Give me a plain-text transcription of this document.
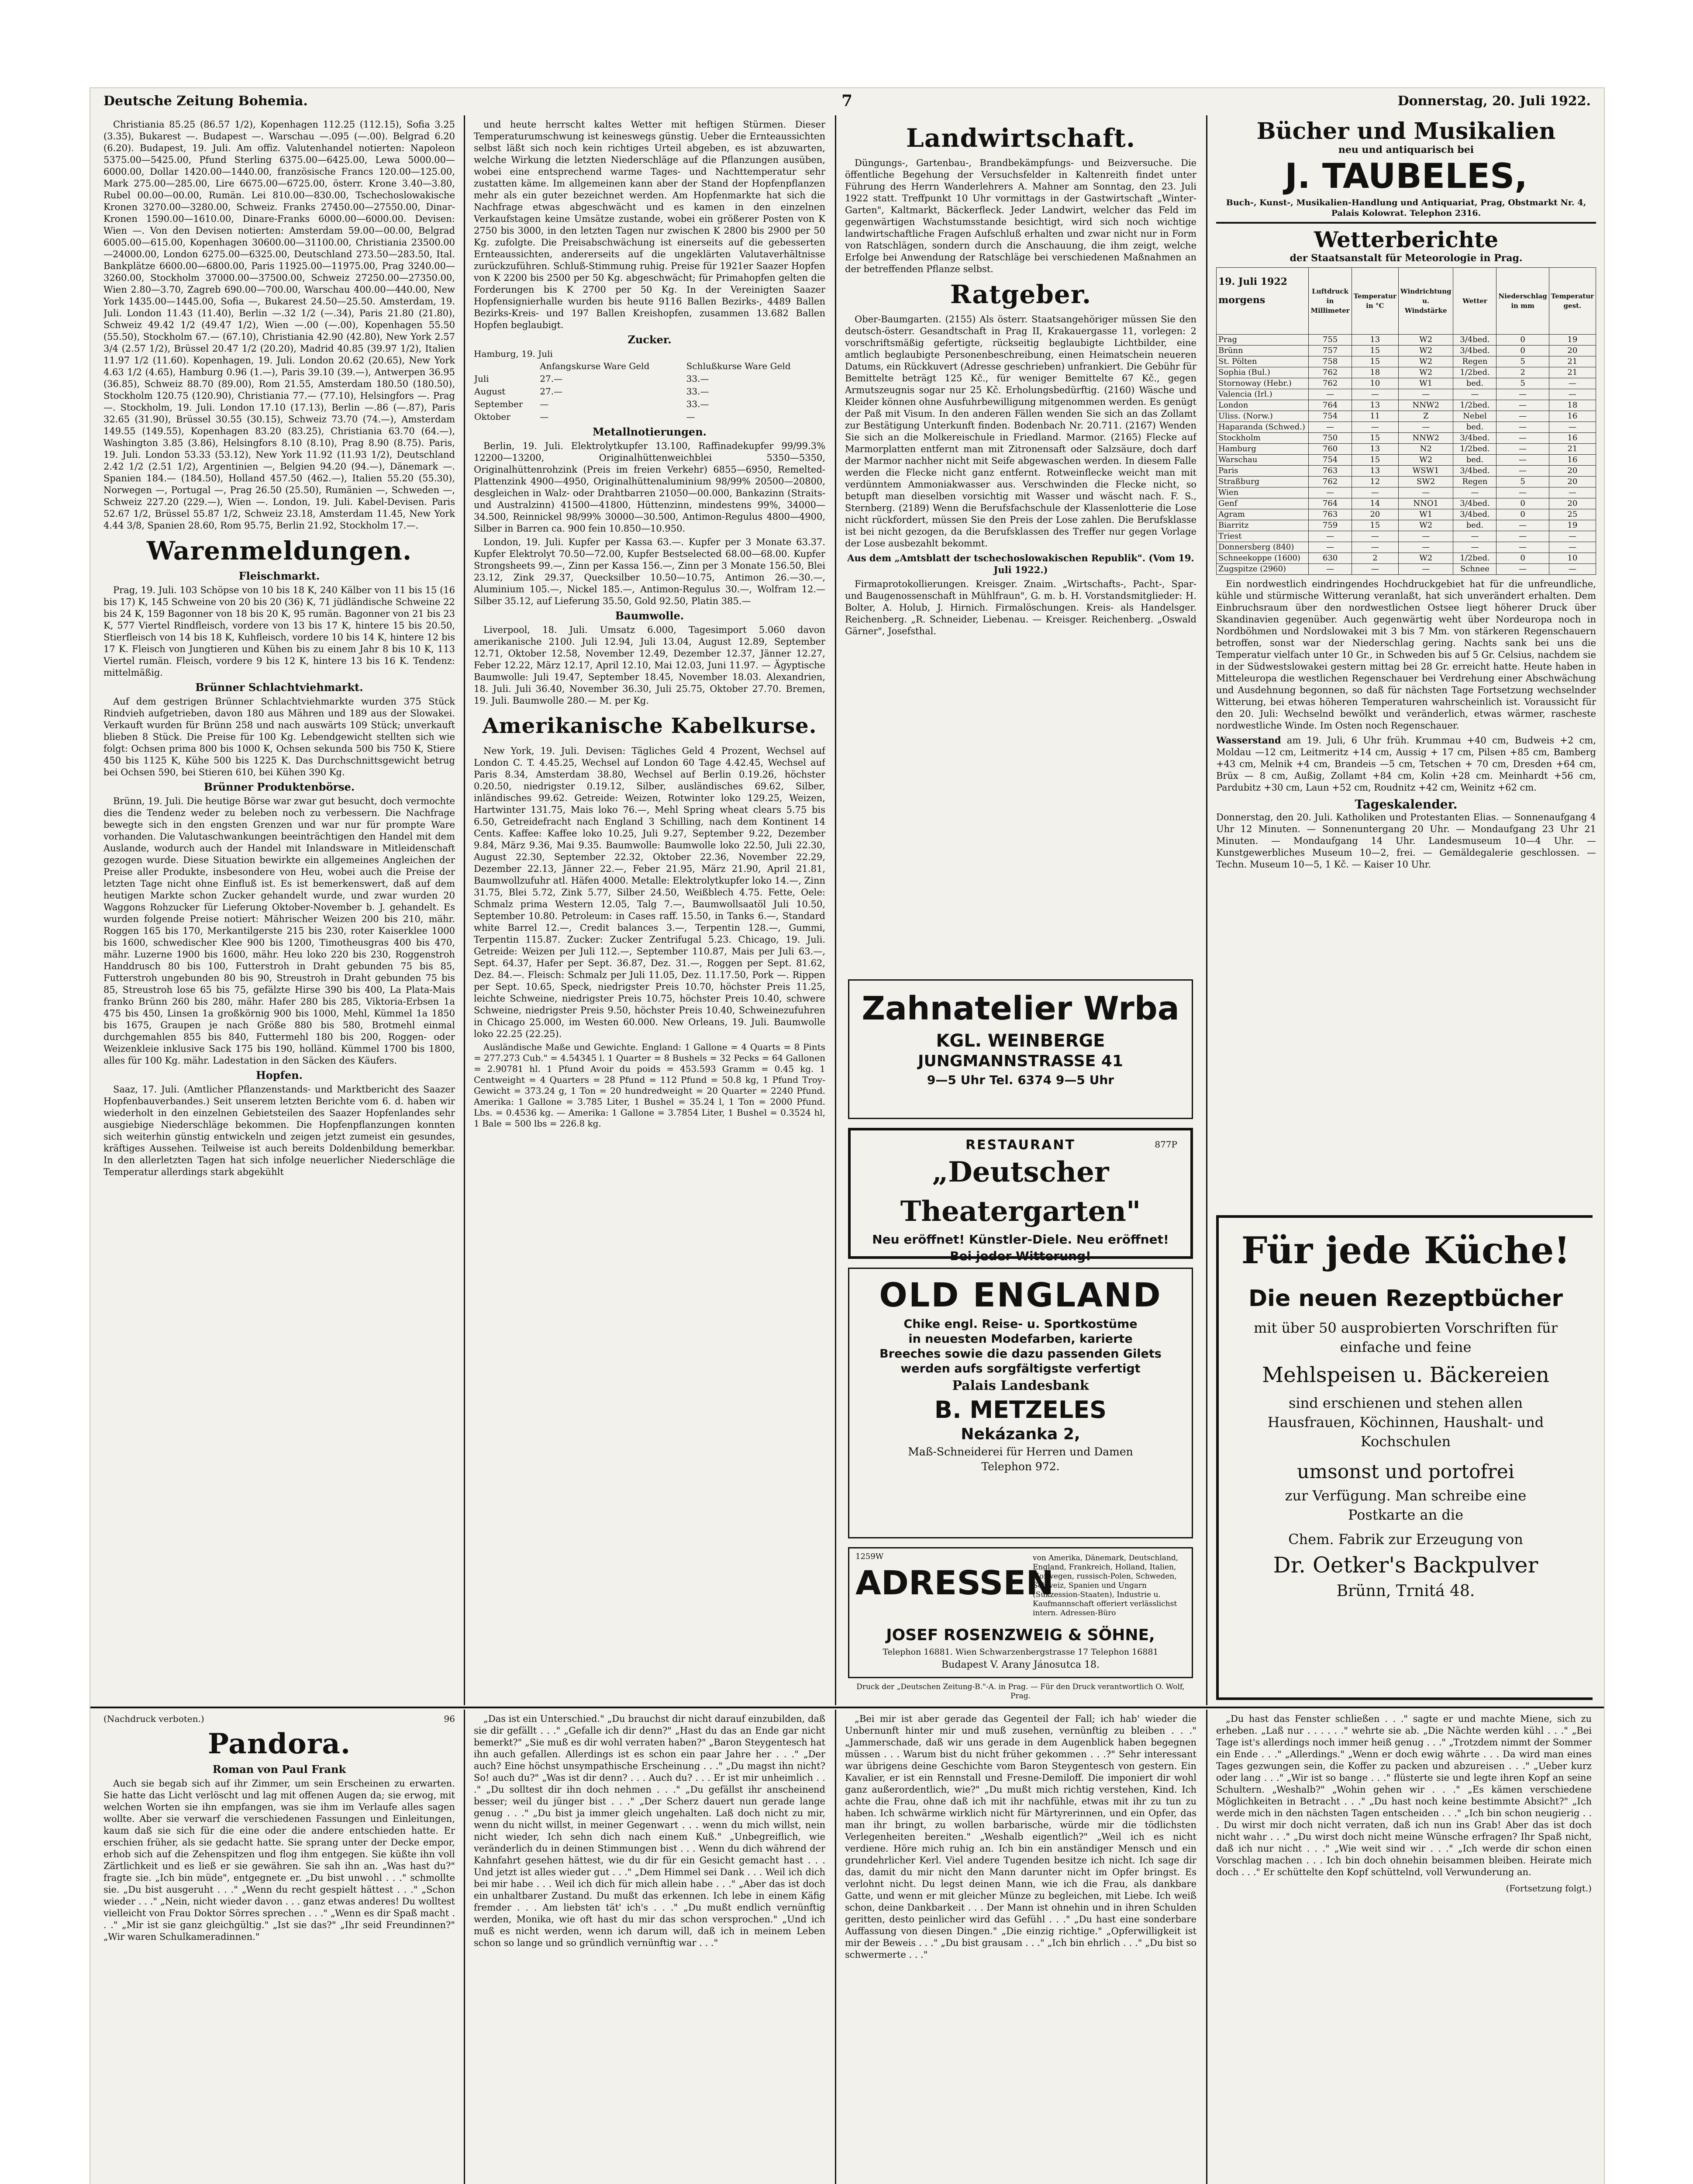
Deutsche Zeitung Bohemia.	7	Donnerstag, 20. Juli 1922.

Christiania 85.25 (86.57 1/2), Kopenhagen 112.25 (112.15), Sofia 3.25 (3.35), Bukarest —. Budapest —. Warschau —.095 (—.00). Belgrad 6.20 (6.20). Budapest, 19. Juli. Am offiz. Valutenhandel notierten: Napoleon 5375.00—5425.00, Pfund Sterling 6375.00—6425.00, Lewa 5000.00—6000.00, Dollar 1420.00—1440.00, französische Francs 120.00—125.00, Mark 275.00—285.00, Lire 6675.00—6725.00, österr. Krone 3.40—3.80, Rubel 00.00—00.00, Rumän. Lei 810.00—830.00, Tschechoslowakische Kronen 3270.00—3280.00, Schweiz. Franks 27450.00—27550.00, Dinar-Kronen 1590.00—1610.00, Dinare-Franks 6000.00—6000.00. Devisen: Wien —. Von den Devisen notierten: Amsterdam 59.00—00.00, Belgrad 6005.00—615.00, Kopenhagen 30600.00—31100.00, Christiania 23500.00—24000.00, London 6275.00—6325.00, Deutschland 273.50—283.50, Ital. Bankplätze 6600.00—6800.00, Paris 11925.00—11975.00, Prag 3240.00—3260.00, Stockholm 37000.00—37500.00, Schweiz 27250.00—27350.00, Wien 2.80—3.70, Zagreb 690.00—700.00, Warschau 400.00—440.00, New York 1435.00—1445.00, Sofia —, Bukarest 24.50—25.50. Amsterdam, 19. Juli. London 11.43 (11.40), Berlin —.32 1/2 (—.34), Paris 21.80 (21.80), Schweiz 49.42 1/2 (49.47 1/2), Wien —.00 (—.00), Kopenhagen 55.50 (55.50), Stockholm 67.— (67.10), Christiania 42.90 (42.80), New York 2.57 3/4 (2.57 1/2), Brüssel 20.47 1/2 (20.20), Madrid 40.85 (39.97 1/2), Italien 11.97 1/2 (11.60). Kopenhagen, 19. Juli. London 20.62 (20.65), New York 4.63 1/2 (4.65), Hamburg 0.96 (1.—), Paris 39.10 (39.—), Antwerpen 36.95 (36.85), Schweiz 88.70 (89.00), Rom 21.55, Amsterdam 180.50 (180.50), Stockholm 120.75 (120.90), Christiania 77.— (77.10), Helsingfors —. Prag —. Stockholm, 19. Juli. London 17.10 (17.13), Berlin —.86 (—.87), Paris 32.65 (31.90), Brüssel 30.55 (30.15), Schweiz 73.70 (74.—), Amsterdam 149.55 (149.55), Kopenhagen 83.20 (83.25), Christiania 63.70 (64.—), Washington 3.85 (3.86), Helsingfors 8.10 (8.10), Prag 8.90 (8.75). Paris, 19. Juli. London 53.33 (53.12), New York 11.92 (11.93 1/2), Deutschland 2.42 1/2 (2.51 1/2), Argentinien —, Belgien 94.20 (94.—), Dänemark —. Spanien 184.— (184.50), Holland 457.50 (462.—), Italien 55.20 (55.30), Norwegen —, Portugal —, Prag 26.50 (25.50), Rumänien —, Schweden —, Schweiz 227.20 (229.—), Wien —. London, 19. Juli. Kabel-Devisen. Paris 52.67 1/2, Brüssel 55.87 1/2, Schweiz 23.18, Amsterdam 11.45, New York 4.44 3/8, Spanien 28.60, Rom 95.75, Berlin 21.92, Stockholm 17.—.

Warenmeldungen.
Fleischmarkt.

Prag, 19. Juli. 103 Schöpse von 10 bis 18 K, 240 Kälber von 11 bis 15 (16 bis 17) K, 145 Schweine von 20 bis 20 (36) K, 71 jüdländische Schweine 22 bis 24 K, 159 Bagonner von 18 bis 20 K, 95 rumän. Bagonner von 21 bis 23 K, 577 Viertel Rindfleisch, vordere von 13 bis 17 K, hintere 15 bis 20.50, Stierfleisch von 14 bis 18 K, Kuhfleisch, vordere 10 bis 14 K, hintere 12 bis 17 K. Fleisch von Jungtieren und Kühen bis zu einem Jahr 8 bis 10 K, 113 Viertel rumän. Fleisch, vordere 9 bis 12 K, hintere 13 bis 16 K. Tendenz: mittelmäßig.

Brünner Schlachtviehmarkt.

Auf dem gestrigen Brünner Schlachtviehmarkte wurden 375 Stück Rindvieh aufgetrieben, davon 180 aus Mähren und 189 aus der Slowakei. Verkauft wurden für Brünn 258 und nach auswärts 109 Stück; unverkauft blieben 8 Stück. Die Preise für 100 Kg. Lebendgewicht stellten sich wie folgt: Ochsen prima 800 bis 1000 K, Ochsen sekunda 500 bis 750 K, Stiere 450 bis 1125 K, Kühe 500 bis 1225 K. Das Durchschnittsgewicht betrug bei Ochsen 590, bei Stieren 610, bei Kühen 390 Kg.

Brünner Produktenbörse.

Brünn, 19. Juli. Die heutige Börse war zwar gut besucht, doch vermochte dies die Tendenz weder zu beleben noch zu verbessern. Die Nachfrage bewegte sich in den engsten Grenzen und war nur für prompte Ware vorhanden. Die Valutaschwankungen beeinträchtigen den Handel mit dem Auslande, wodurch auch der Handel mit Inlandsware in Mitleidenschaft gezogen wurde. Diese Situation bewirkte ein allgemeines Angleichen der Preise aller Produkte, insbesondere von Heu, wobei auch die Preise der letzten Tage nicht ohne Einfluß ist. Es ist bemerkenswert, daß auf dem heutigen Markte schon Zucker gehandelt wurde, und zwar wurden 20 Waggons Rohzucker für Lieferung Oktober-November b. J. gehandelt. Es wurden folgende Preise notiert: Mährischer Weizen 200 bis 210, mähr. Roggen 165 bis 170, Merkantilgerste 215 bis 230, roter Kaiserklee 1000 bis 1600, schwedischer Klee 900 bis 1200, Timotheusgras 400 bis 470, mähr. Luzerne 1900 bis 1600, mähr. Heu loko 220 bis 230, Roggenstroh Handdrusch 80 bis 100, Futterstroh in Draht gebunden 75 bis 85, Futterstroh ungebunden 80 bis 90, Streustroh in Draht gebunden 75 bis 85, Streustroh lose 65 bis 75, gefälzte Hirse 390 bis 400, La Plata-Mais franko Brünn 260 bis 280, mähr. Hafer 280 bis 285, Viktoria-Erbsen 1a 475 bis 450, Linsen 1a großkörnig 900 bis 1000, Mehl, Kümmel 1a 1850 bis 1675, Graupen je nach Größe 880 bis 580, Brotmehl einmal durchgemahlen 855 bis 840, Futtermehl 180 bis 200, Roggen- oder Weizenkleie inklusive Sack 175 bis 190, holländ. Kümmel 1700 bis 1800, alles für 100 Kg. mähr. Ladestation in den Säcken des Käufers.

Hopfen.

Saaz, 17. Juli. (Amtlicher Pflanzenstands- und Marktbericht des Saazer Hopfenbauverbandes.) Seit unserem letzten Berichte vom 6. d. haben wir wiederholt in den einzelnen Gebietsteilen des Saazer Hopfenlandes sehr ausgiebige Niederschläge bekommen. Die Hopfenpflanzungen konnten sich weiterhin günstig entwickeln und zeigen jetzt zumeist ein gesundes, kräftiges Aussehen. Teilweise ist auch bereits Doldenbildung bemerkbar. In den allerletzten Tagen hat sich infolge neuerlicher Niederschläge die Temperatur allerdings stark abgekühlt

und heute herrscht kaltes Wetter mit heftigen Stürmen. Dieser Temperaturumschwung ist keineswegs günstig. Ueber die Ernteaussichten selbst läßt sich noch kein richtiges Urteil abgeben, es ist abzuwarten, welche Wirkung die letzten Niederschläge auf die Pflanzungen ausüben, wobei eine entsprechend warme Tages- und Nachttemperatur sehr zustatten käme. Im allgemeinen kann aber der Stand der Hopfenpflanzen mehr als ein guter bezeichnet werden. Am Hopfenmarkte hat sich die Nachfrage etwas abgeschwächt und es kamen in den einzelnen Verkaufstagen keine Umsätze zustande, wobei ein größerer Posten von K 2750 bis 3000, in den letzten Tagen nur zwischen K 2800 bis 2900 per 50 Kg. zufolgte. Die Preisabschwächung ist einerseits auf die gebesserten Ernteaussichten, andererseits auf die ungeklärten Valutaverhältnisse zurückzuführen. Schluß-Stimmung ruhig. Preise für 1921er Saazer Hopfen von K 2200 bis 2500 per 50 Kg. abgeschwächt; für Primahopfen gelten die Forderungen bis K 2700 per 50 Kg. In der Vereinigten Saazer Hopfensignierhalle wurden bis heute 9116 Ballen Bezirks-, 4489 Ballen Bezirks-Kreis- und 197 Ballen Kreishopfen, zusammen 13.682 Ballen Hopfen beglaubigt.

Zucker.
Hamburg, 19. Juli
	Anfangskurse Ware Geld	Schlußkurse Ware Geld
Juli	27.—	33.—
August	27.—	33.—
September	—	33.—
Oktober	—	—
Metallnotierungen.

Berlin, 19. Juli. Elektrolytkupfer 13.100, Raffinadekupfer 99/99.3% 12200—13200, Originalhüttenweichblei 5350—5350, Originalhüttenrohzink (Preis im freien Verkehr) 6855—6950, Remelted-Plattenzink 4900—4950, Originalhüttenaluminium 98/99% 20500—20800, desgleichen in Walz- oder Drahtbarren 21050—00.000, Bankazinn (Straits- und Australzinn) 41500—41800, Hüttenzinn, mindestens 99%, 34000—34.500, Reinnickel 98/99% 30000—30.500, Antimon-Regulus 4800—4900, Silber in Barren ca. 900 fein 10.850—10.950.

London, 19. Juli. Kupfer per Kassa 63.—. Kupfer per 3 Monate 63.37. Kupfer Elektrolyt 70.50—72.00, Kupfer Bestselected 68.00—68.00. Kupfer Strongsheets 99.—, Zinn per Kassa 156.—, Zinn per 3 Monate 156.50, Blei 23.12, Zink 29.37, Quecksilber 10.50—10.75, Antimon 26.—30.—, Aluminium 105.—, Nickel 185.—, Antimon-Regulus 30.—, Wolfram 12.— Silber 35.12, auf Lieferung 35.50, Gold 92.50, Platin 385.—

Baumwolle.

Liverpool, 18. Juli. Umsatz 6.000, Tagesimport 5.060 davon amerikanische 2100. Juli 12.94, Juli 13.04, August 12.89, September 12.71, Oktober 12.58, November 12.49, Dezember 12.37, Jänner 12.27, Feber 12.22, März 12.17, April 12.10, Mai 12.03, Juni 11.97. — Ägyptische Baumwolle: Juli 19.47, September 18.45, November 18.03. Alexandrien, 18. Juli. Juli 36.40, November 36.30, Juli 25.75, Oktober 27.70. Bremen, 19. Juli. Baumwolle 280.— M. per Kg.

Amerikanische Kabelkurse.

New York, 19. Juli. Devisen: Tägliches Geld 4 Prozent, Wechsel auf London C. T. 4.45.25, Wechsel auf London 60 Tage 4.42.45, Wechsel auf Paris 8.34, Amsterdam 38.80, Wechsel auf Berlin 0.19.26, höchster 0.20.50, niedrigster 0.19.12, Silber, ausländisches 69.62, Silber, inländisches 99.62. Getreide: Weizen, Rotwinter loko 129.25, Weizen, Hartwinter 131.75, Mais loko 76.—, Mehl Spring wheat clears 5.75 bis 6.50, Getreidefracht nach England 3 Schilling, nach dem Kontinent 14 Cents. Kaffee: Kaffee loko 10.25, Juli 9.27, September 9.22, Dezember 9.84, März 9.36, Mai 9.35. Baumwolle: Baumwolle loko 22.50, Juli 22.30, August 22.30, September 22.32, Oktober 22.36, November 22.29, Dezember 22.13, Jänner 22.—, Feber 21.95, März 21.90, April 21.81, Baumwollzufuhr atl. Häfen 4000. Metalle: Elektrolytkupfer loko 14.—, Zinn 31.75, Blei 5.72, Zink 5.77, Silber 24.50, Weißblech 4.75. Fette, Oele: Schmalz prima Western 12.05, Talg 7.—, Baumwollsaatöl Juli 10.50, September 10.80. Petroleum: in Cases raff. 15.50, in Tanks 6.—, Standard white Barrel 12.—, Credit balances 3.—, Terpentin 128.—, Gummi, Terpentin 115.87. Zucker: Zucker Zentrifugal 5.23. Chicago, 19. Juli. Getreide: Weizen per Juli 112.—, September 110.87, Mais per Juli 63.—, Sept. 64.37, Hafer per Sept. 36.87, Dez. 31.—, Roggen per Sept. 81.62, Dez. 84.—. Fleisch: Schmalz per Juli 11.05, Dez. 11.17.50, Pork —. Rippen per Sept. 10.65, Speck, niedrigster Preis 10.70, höchster Preis 11.25, leichte Schweine, niedrigster Preis 10.75, höchster Preis 10.40, schwere Schweine, niedrigster Preis 9.50, höchster Preis 10.40, Schweinezufuhren in Chicago 25.000, im Westen 60.000. New Orleans, 19. Juli. Baumwolle loko 22.25 (22.25).

Ausländische Maße und Gewichte. England: 1 Gallone = 4 Quarts = 8 Pints = 277.273 Cub." = 4.54345 l. 1 Quarter = 8 Bushels = 32 Pecks = 64 Gallonen = 2.90781 hl. 1 Pfund Avoir du poids = 453.593 Gramm = 0.45 kg. 1 Centweight = 4 Quarters = 28 Pfund = 112 Pfund = 50.8 kg, 1 Pfund Troy-Gewicht = 373.24 g, 1 Ton = 20 hundredweight = 20 Quarter = 2240 Pfund. Amerika: 1 Gallone = 3.785 Liter, 1 Bushel = 35.24 l, 1 Ton = 2000 Pfund. Lbs. = 0.4536 kg. — Amerika: 1 Gallone = 3.7854 Liter, 1 Bushel = 0.3524 hl, 1 Bale = 500 lbs = 226.8 kg.

Landwirtschaft.

Düngungs-, Gartenbau-, Brandbekämpfungs- und Beizversuche. Die öffentliche Begehung der Versuchsfelder in Kaltenreith findet unter Führung des Herrn Wanderlehrers A. Mahner am Sonntag, den 23. Juli 1922 statt. Treffpunkt 10 Uhr vormittags in der Gastwirtschaft „Winter-Garten", Kaltmarkt, Bäckerfleck. Jeder Landwirt, welcher das Feld im gegenwärtigen Wachstumsstande besichtigt, wird sich noch wichtige landwirtschaftliche Fragen Aufschluß erhalten und zwar nicht nur in Form von Ratschlägen, sondern durch die Anschauung, die ihm zeigt, welche Erfolge bei Anwendung der Ratschläge bei verschiedenen Maßnahmen an der betreffenden Pflanze selbst.

Ratgeber.

Ober-Baumgarten. (2155) Als österr. Staatsangehöriger müssen Sie den deutsch-österr. Gesandtschaft in Prag II, Krakauergasse 11, vorlegen: 2 vorschriftsmäßig gefertigte, rückseitig beglaubigte Lichtbilder, eine amtlich beglaubigte Personenbeschreibung, einen Heimatschein neueren Datums, ein Rückkuvert (Adresse geschrieben) unfrankiert. Die Gebühr für Bemittelte beträgt 125 Kč., für weniger Bemittelte 67 Kč., gegen Armutszeugnis sogar nur 25 Kč. Erholungsbedürftig. (2160) Wäsche und Kleider können ohne Ausfuhrbewilligung mitgenommen werden. Es genügt der Paß mit Visum. In den anderen Fällen wenden Sie sich an das Zollamt zur Bestätigung Unterkunft finden. Bodenbach Nr. 20.711. (2167) Wenden Sie sich an die Molkereischule in Friedland. Marmor. (2165) Flecke auf Marmorplatten entfernt man mit Zitronensaft oder Salzsäure, doch darf der Marmor nachher nicht mit Seife abgewaschen werden. In diesem Falle werden die Flecke nicht ganz entfernt. Rotweinflecke weicht man mit verdünntem Ammoniakwasser aus. Verschwinden die Flecke nicht, so betupft man dieselben vorsichtig mit Wasser und wäscht nach. F. S., Sternberg. (2189) Wenn die Berufsfachschule der Klassenlotterie die Lose nicht rückfordert, müssen Sie den Preis der Lose zahlen. Die Berufsklasse ist bei nicht gezogen, da die Berufsklassen des Treffer nur gegen Vorlage der Lose ausbezahlt bekommt.

Aus dem „Amtsblatt der tschechoslowakischen Republik". (Vom 19. Juli 1922.)

Firmaprotokollierungen. Kreisger. Znaim. „Wirtschafts-, Pacht-, Spar- und Baugenossenschaft in Mühlfraun", G. m. b. H. Vorstandsmitglieder: H. Bolter, A. Holub, J. Hirnich. Firmalöschungen. Kreis- als Handelsger. Reichenberg. „R. Schneider, Liebenau. — Kreisger. Reichenberg. „Oswald Gärner", Josefsthal.

Zahnatelier Wrba
KGL. WEINBERGE
JUNGMANNSTRASSE 41
9—5 Uhr Tel. 6374 9—5 Uhr
RESTAURANT	877P
„Deutscher Theatergarten"
Neu eröffnet! Künstler-Diele. Neu eröffnet!
Bei jeder Witterung!
OLD ENGLAND
Chike engl. Reise- u. Sportkostüme
in neuesten Modefarben, karierte
Breeches sowie die dazu passenden Gilets werden aufs sorgfältigste verfertigt
Palais Landesbank
B. METZELES
Nekázanka 2,
Maß-Schneiderei für Herren und Damen
Telephon 972.
1259W
ADRESSEN
von Amerika, Dänemark, Deutschland, England, Frankreich, Holland, Italien, Norwegen, russisch-Polen, Schweden, Schweiz, Spanien und Ungarn (Sukzession-Staaten), Industrie u. Kaufmannschaft offeriert verlässlichst intern. Adressen-Büro
JOSEF ROSENZWEIG & SÖHNE,
Telephon 16881. Wien Schwarzenbergstrasse 17 Telephon 16881
Budapest V. Arany Jánosutca 18.
Druck der „Deutschen Zeitung-B."-A. in Prag. — Für den Druck verantwortlich O. Wolf, Prag.
Bücher und Musikalien
neu und antiquarisch bei
J. TAUBELES,
Buch-, Kunst-, Musikalien-Handlung und Antiquariat, Prag, Obstmarkt Nr. 4, Palais Kolowrat. Telephon 2316.
Wetterberichte
der Staatsanstalt für Meteorologie in Prag.
19. Juli 1922
morgens	Luftdruck in Millimeter	Temperatur in °C	Windrichtung u. Windstärke	Wetter	Niederschlag in mm	Temperatur gest.
Prag	755	13	W2	3/4bed.	0	19
Brünn	757	15	W2	3/4bed.	0	20
St. Pölten	758	15	W2	Regen	5	21
Sophia (Bul.)	762	18	W2	1/2bed.	2	21
Stornoway (Hebr.)	762	10	W1	bed.	5	—
Valencia (Irl.)	—	—	—	—	—	—
London	764	13	NNW2	1/2bed.	—	18
Uliss. (Norw.)	754	11	Z	Nebel	—	16
Haparanda (Schwed.)	—	—	—	bed.	—	—
Stockholm	750	15	NNW2	3/4bed.	—	16
Hamburg	760	13	N2	1/2bed.	—	21
Warschau	754	15	W2	bed.	—	16
Paris	763	13	WSW1	3/4bed.	—	20
Straßburg	762	12	SW2	Regen	5	20
Wien	—	—	—	—	—	—
Genf	764	14	NNO1	3/4bed.	0	20
Agram	763	20	W1	3/4bed.	0	25
Biarritz	759	15	W2	bed.	—	19
Triest	—	—	—	—	—	—
Donnersberg (840)	—	—	—	—	—	—
Schneekoppe (1600)	630	2	W2	1/2bed.	0	10
Zugspitze (2960)	—	—	—	Schnee	—	—
Ein nordwestlich eindringendes Hochdruckgebiet hat für die unfreundliche, kühle und stürmische Witterung veranlaßt, hat sich unverändert erhalten. Dem Einbruchsraum über den nordwestlichen Ostsee liegt höherer Druck über Skandinavien gegenüber. Auch gegenwärtig weht über Nordeuropa noch in Nordböhmen und Nordslowakei mit 3 bis 7 Mm. von stärkeren Regenschauern betroffen, sonst war der Niederschlag gering. Nachts sank bei uns die Temperatur vielfach unter 10 Gr., in Schweden bis auf 5 Gr. Celsius, nachdem sie in der Südwestslowakei gestern mittag bei 28 Gr. erreicht hatte. Heute haben in Mitteleuropa die westlichen Regenschauer bei Verdrehung einer Abschwächung und Ausdehnung begonnen, so daß für nächsten Tage Fortsetzung wechselnder Witterung, bei etwas höheren Temperaturen wahrscheinlich ist. Voraussicht für den 20. Juli: Wechselnd bewölkt und veränderlich, etwas wärmer, rascheste nordwestliche Winde. Im Osten noch Regenschauer.
Wasserstand am 19. Juli, 6 Uhr früh. Krummau +40 cm, Budweis +2 cm, Moldau —12 cm, Leitmeritz +14 cm, Aussig + 17 cm, Pilsen +85 cm, Bamberg +43 cm, Melnik +4 cm, Brandeis —5 cm, Tetschen + 70 cm, Dresden +64 cm, Brüx — 8 cm, Außig, Zollamt +84 cm, Kolin +28 cm. Meinhardt +56 cm, Pardubitz +30 cm, Laun +52 cm, Roudnitz +42 cm, Weinitz +62 cm.
Tageskalender.
Donnerstag, den 20. Juli. Katholiken und Protestanten Elias. — Sonnenaufgang 4 Uhr 12 Minuten. — Sonnenuntergang 20 Uhr. — Mondaufgang 23 Uhr 21 Minuten. — Mondaufgang 14 Uhr. Landesmuseum 10—4 Uhr. — Kunstgewerbliches Museum 10—2, frei. — Gemäldegalerie geschlossen. — Techn. Museum 10—5, 1 Kč. — Kaiser 10 Uhr.
Für jede Küche!
Die neuen Rezeptbücher
mit über 50 ausprobierten Vorschriften für einfache und feine
Mehlspeisen u. Bäckereien
sind erschienen und stehen allen Hausfrauen, Köchinnen, Haushalt- und Kochschulen
umsonst und portofrei
zur Verfügung. Man schreibe eine Postkarte an die
Chem. Fabrik zur Erzeugung von
Dr. Oetker's Backpulver
Brünn, Trnitá 48.
(Nachdruck verboten.)	96
Pandora.
Roman von Paul Frank

Auch sie begab sich auf ihr Zimmer, um sein Erscheinen zu erwarten. Sie hatte das Licht verlöscht und lag mit offenen Augen da; sie erwog, mit welchen Worten sie ihn empfangen, was sie ihm im Verlaufe alles sagen wollte. Aber sie verwarf die verschiedenen Fassungen und Einleitungen, kaum daß sie sich für die eine oder die andere entschieden hatte. Er erschien früher, als sie gedacht hatte. Sie sprang unter der Decke empor, erhob sich auf die Zehenspitzen und flog ihm entgegen. Sie küßte ihn voll Zärtlichkeit und es ließ er sie gewähren. Sie sah ihn an. „Was hast du?" fragte sie. „Ich bin müde", entgegnete er. „Du bist unwohl . . ." schmollte sie. „Du bist ausgeruht . . ." „Wenn du recht gespielt hättest . . ." „Schon wieder . . ." „Nein, nicht wieder davon . . . ganz etwas anderes! Du wolltest vielleicht von Frau Doktor Sörres sprechen . . ." „Wenn es dir Spaß macht . . ." „Mir ist sie ganz gleichgültig." „Ist sie das?" „Ihr seid Freundinnen?" „Wir waren Schulkameradinnen."

„Das ist ein Unterschied." „Du brauchst dir nicht darauf einzubilden, daß sie dir gefällt . . ." „Gefalle ich dir denn?" „Hast du das an Ende gar nicht bemerkt?" „Sie muß es dir wohl verraten haben?" „Baron Steygentesch hat ihn auch gefallen. Allerdings ist es schon ein paar Jahre her . . ." „Der auch? Eine höchst unsympathische Erscheinung . . ." „Du magst ihn nicht? So! auch du?" „Was ist dir denn? . . . Auch du? . . . Er ist mir unheimlich . . ." „Du solltest dir ihn doch nehmen . . ." „Du gefällst ihr anscheinend besser; weil du jünger bist . . ." „Der Scherz dauert nun gerade lange genug . . ." „Du bist ja immer gleich ungehalten. Laß doch nicht zu mir, wenn du nicht willst, in meiner Gegenwart . . . wenn du mich willst, nein nicht wieder, Ich sehn dich nach einem Kuß." „Unbegreiflich, wie veränderlich du in deinen Stimmungen bist . . . Wenn du dich während der Kahnfahrt gesehen hättest, wie du dir für ein Gesicht gemacht hast . . . Und jetzt ist alles wieder gut . . ." „Dem Himmel sei Dank . . . Weil ich dich bei mir habe . . . Weil ich dich für mich allein habe . . ." „Aber das ist doch ein unhaltbarer Zustand. Du mußt das erkennen. Ich lebe in einem Käfig fremder . . . Am liebsten tät' ich's . . ." „Du mußt endlich vernünftig werden, Monika, wie oft hast du mir das schon versprochen." „Und ich muß es nicht werden, wenn ich darum will, daß ich in meinem Leben schon so lange und so gründlich vernünftig war . . ."

„Bei mir ist aber gerade das Gegenteil der Fall; ich hab' wieder die Unbernunft hinter mir und muß zusehen, vernünftig zu bleiben . . ." „Jammerschade, daß wir uns gerade in dem Augenblick haben begegnen müssen . . . Warum bist du nicht früher gekommen . . .?" Sehr interessant war übrigens deine Geschichte vom Baron Steygentesch von gestern. Ein Kavalier, er ist ein Rennstall und Fresne-Demiloff. Die imponiert dir wohl ganz außerordentlich, wie?" „Du mußt mich richtig verstehen, Kind. Ich achte die Frau, ohne daß ich mit ihr nachfühle, etwas mit ihr zu tun zu haben. Ich schwärme wirklich nicht für Märtyrerinnen, und ein Opfer, das man ihr bringt, zu wollen barbarische, würde mir die tödlichsten Verlegenheiten bereiten." „Weshalb eigentlich?" „Weil ich es nicht verdiene. Höre mich ruhig an. Ich bin ein anständiger Mensch und ein grundehrlicher Kerl. Viel andere Tugenden besitze ich nicht. Ich sage dir das, damit du mir nicht den Mann darunter nicht im Opfer bringst. Es verlohnt nicht. Du legst deinen Mann, wie ich die Frau, als dankbare Gatte, und wenn er mit gleicher Münze zu begleichen, mit Liebe. Ich weiß schon, deine Dankbarkeit . . . Der Mann ist ohnehin und in ihren Schulden geritten, desto peinlicher wird das Gefühl . . ." „Du hast eine sonderbare Auffassung von diesen Dingen." „Die einzig richtige." „Opferwilligkeit ist mir der Beweis . . ." „Du bist grausam . . ." „Ich bin ehrlich . . ." „Du bist so schwermerte . . ."

„Du hast das Fenster schließen . . ." sagte er und machte Miene, sich zu erheben. „Laß nur . . . . . ." wehrte sie ab. „Die Nächte werden kühl . . ." „Bei Tage ist's allerdings noch immer heiß genug . . ." „Trotzdem nimmt der Sommer ein Ende . . ." „Allerdings." „Wenn er doch ewig währte . . . Da wird man eines Tages gezwungen sein, die Koffer zu packen und abzureisen . . ." „Ueber kurz oder lang . . ." „Wir ist so bange . . ." flüsterte sie und legte ihren Kopf an seine Schultern. „Weshalb?" „Wohin gehen wir . . ." „Es kämen verschiedene Möglichkeiten in Betracht . . ." „Du hast noch keine bestimmte Absicht?" „Ich werde mich in den nächsten Tagen entscheiden . . ." „Ich bin schon neugierig . . . Du wirst mir doch nicht verraten, daß ich nun ins Grab! Aber das ist doch nicht wahr . . ." „Du wirst doch nicht meine Wünsche erfragen? Ihr Spaß nicht, daß ich nur nicht . . ." „Wie weit sind wir . . ." „Ich werde dir schon einen Vorschlag machen . . . Ich bin doch ohnehin beisammen bleiben. Heirate mich doch . . ." Er schüttelte den Kopf schüttelnd, voll Verwunderung an.

(Fortsetzung folgt.)
